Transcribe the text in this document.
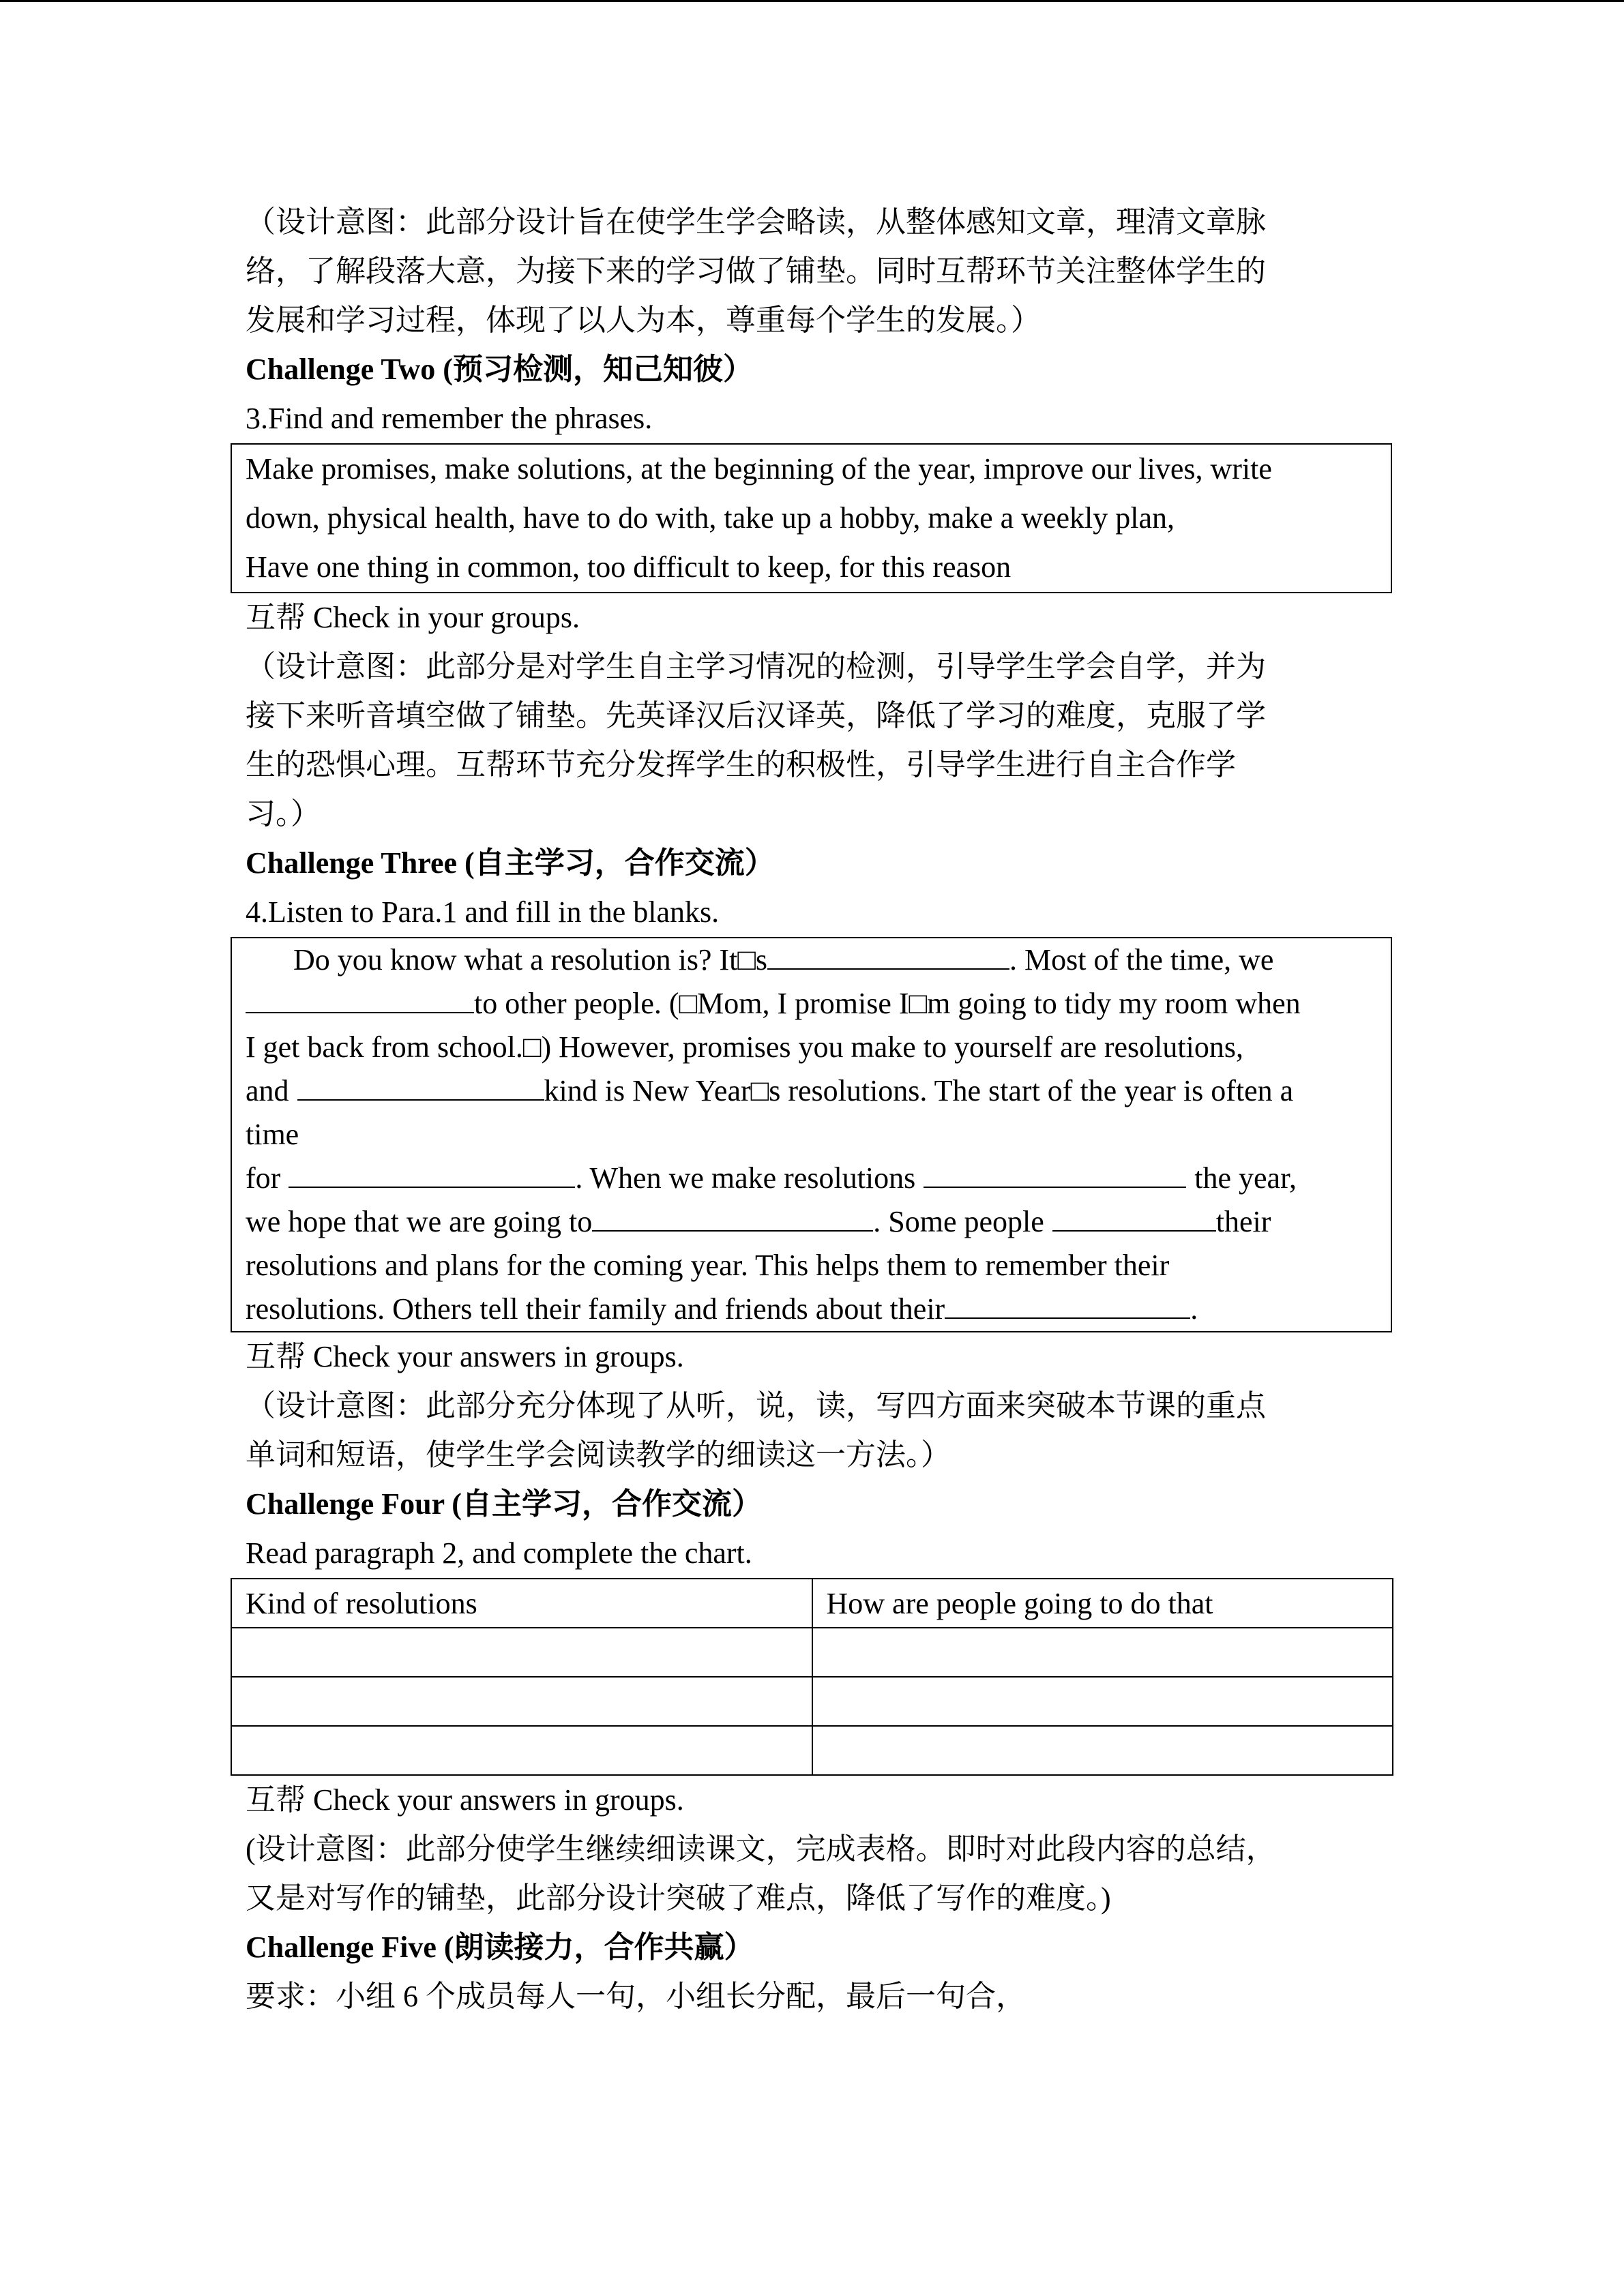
（设计意图：此部分设计旨在使学生学会略读，从整体感知文章，理清文章脉
络，了解段落大意，为接下来的学习做了铺垫。同时互帮环节关注整体学生的
发展和学习过程，体现了以人为本，尊重每个学生的发展。）
Challenge Two (预习检测，知己知彼）
3.Find and remember the phrases.
Make promises, make solutions, at the beginning of the year, improve our lives, write
down, physical health, have to do with, take up a hobby, make a weekly plan,
Have one thing in common, too difficult to keep, for this reason
互帮 Check in your groups.
（设计意图：此部分是对学生自主学习情况的检测，引导学生学会自学，并为
接下来听音填空做了铺垫。先英译汉后汉译英，降低了学习的难度，克服了学
生的恐惧心理。互帮环节充分发挥学生的积极性，引导学生进行自主合作学
习。）
Challenge Three (自主学习，合作交流）
4.Listen to Para.1 and fill in the blanks.
Do you know what a resolution is? It□s	. Most of the time, we
to other people. (□Mom, I promise I□m going to tidy my room when
I get back from school.□) However, promises you make to yourself are resolutions,
and	kind is New Year□s resolutions. The start of the year is often a
time
for	. When we make resolutions	the year,
we hope that we are going to	. Some people	their
resolutions and plans for the coming year. This helps them to remember their
resolutions. Others tell their family and friends about their	.
互帮 Check your answers in groups.
（设计意图：此部分充分体现了从听，说，读，写四方面来突破本节课的重点
单词和短语，使学生学会阅读教学的细读这一方法。）
Challenge Four (自主学习，合作交流）
Read paragraph 2, and complete the chart.
Kind of resolutions	How are people going to do that

互帮 Check your answers in groups.
(设计意图：此部分使学生继续细读课文，完成表格。即时对此段内容的总结，
又是对写作的铺垫，此部分设计突破了难点，降低了写作的难度。)
Challenge Five (朗读接力，合作共赢）
要求：小组 6 个成员每人一句，小组长分配，最后一句合，
